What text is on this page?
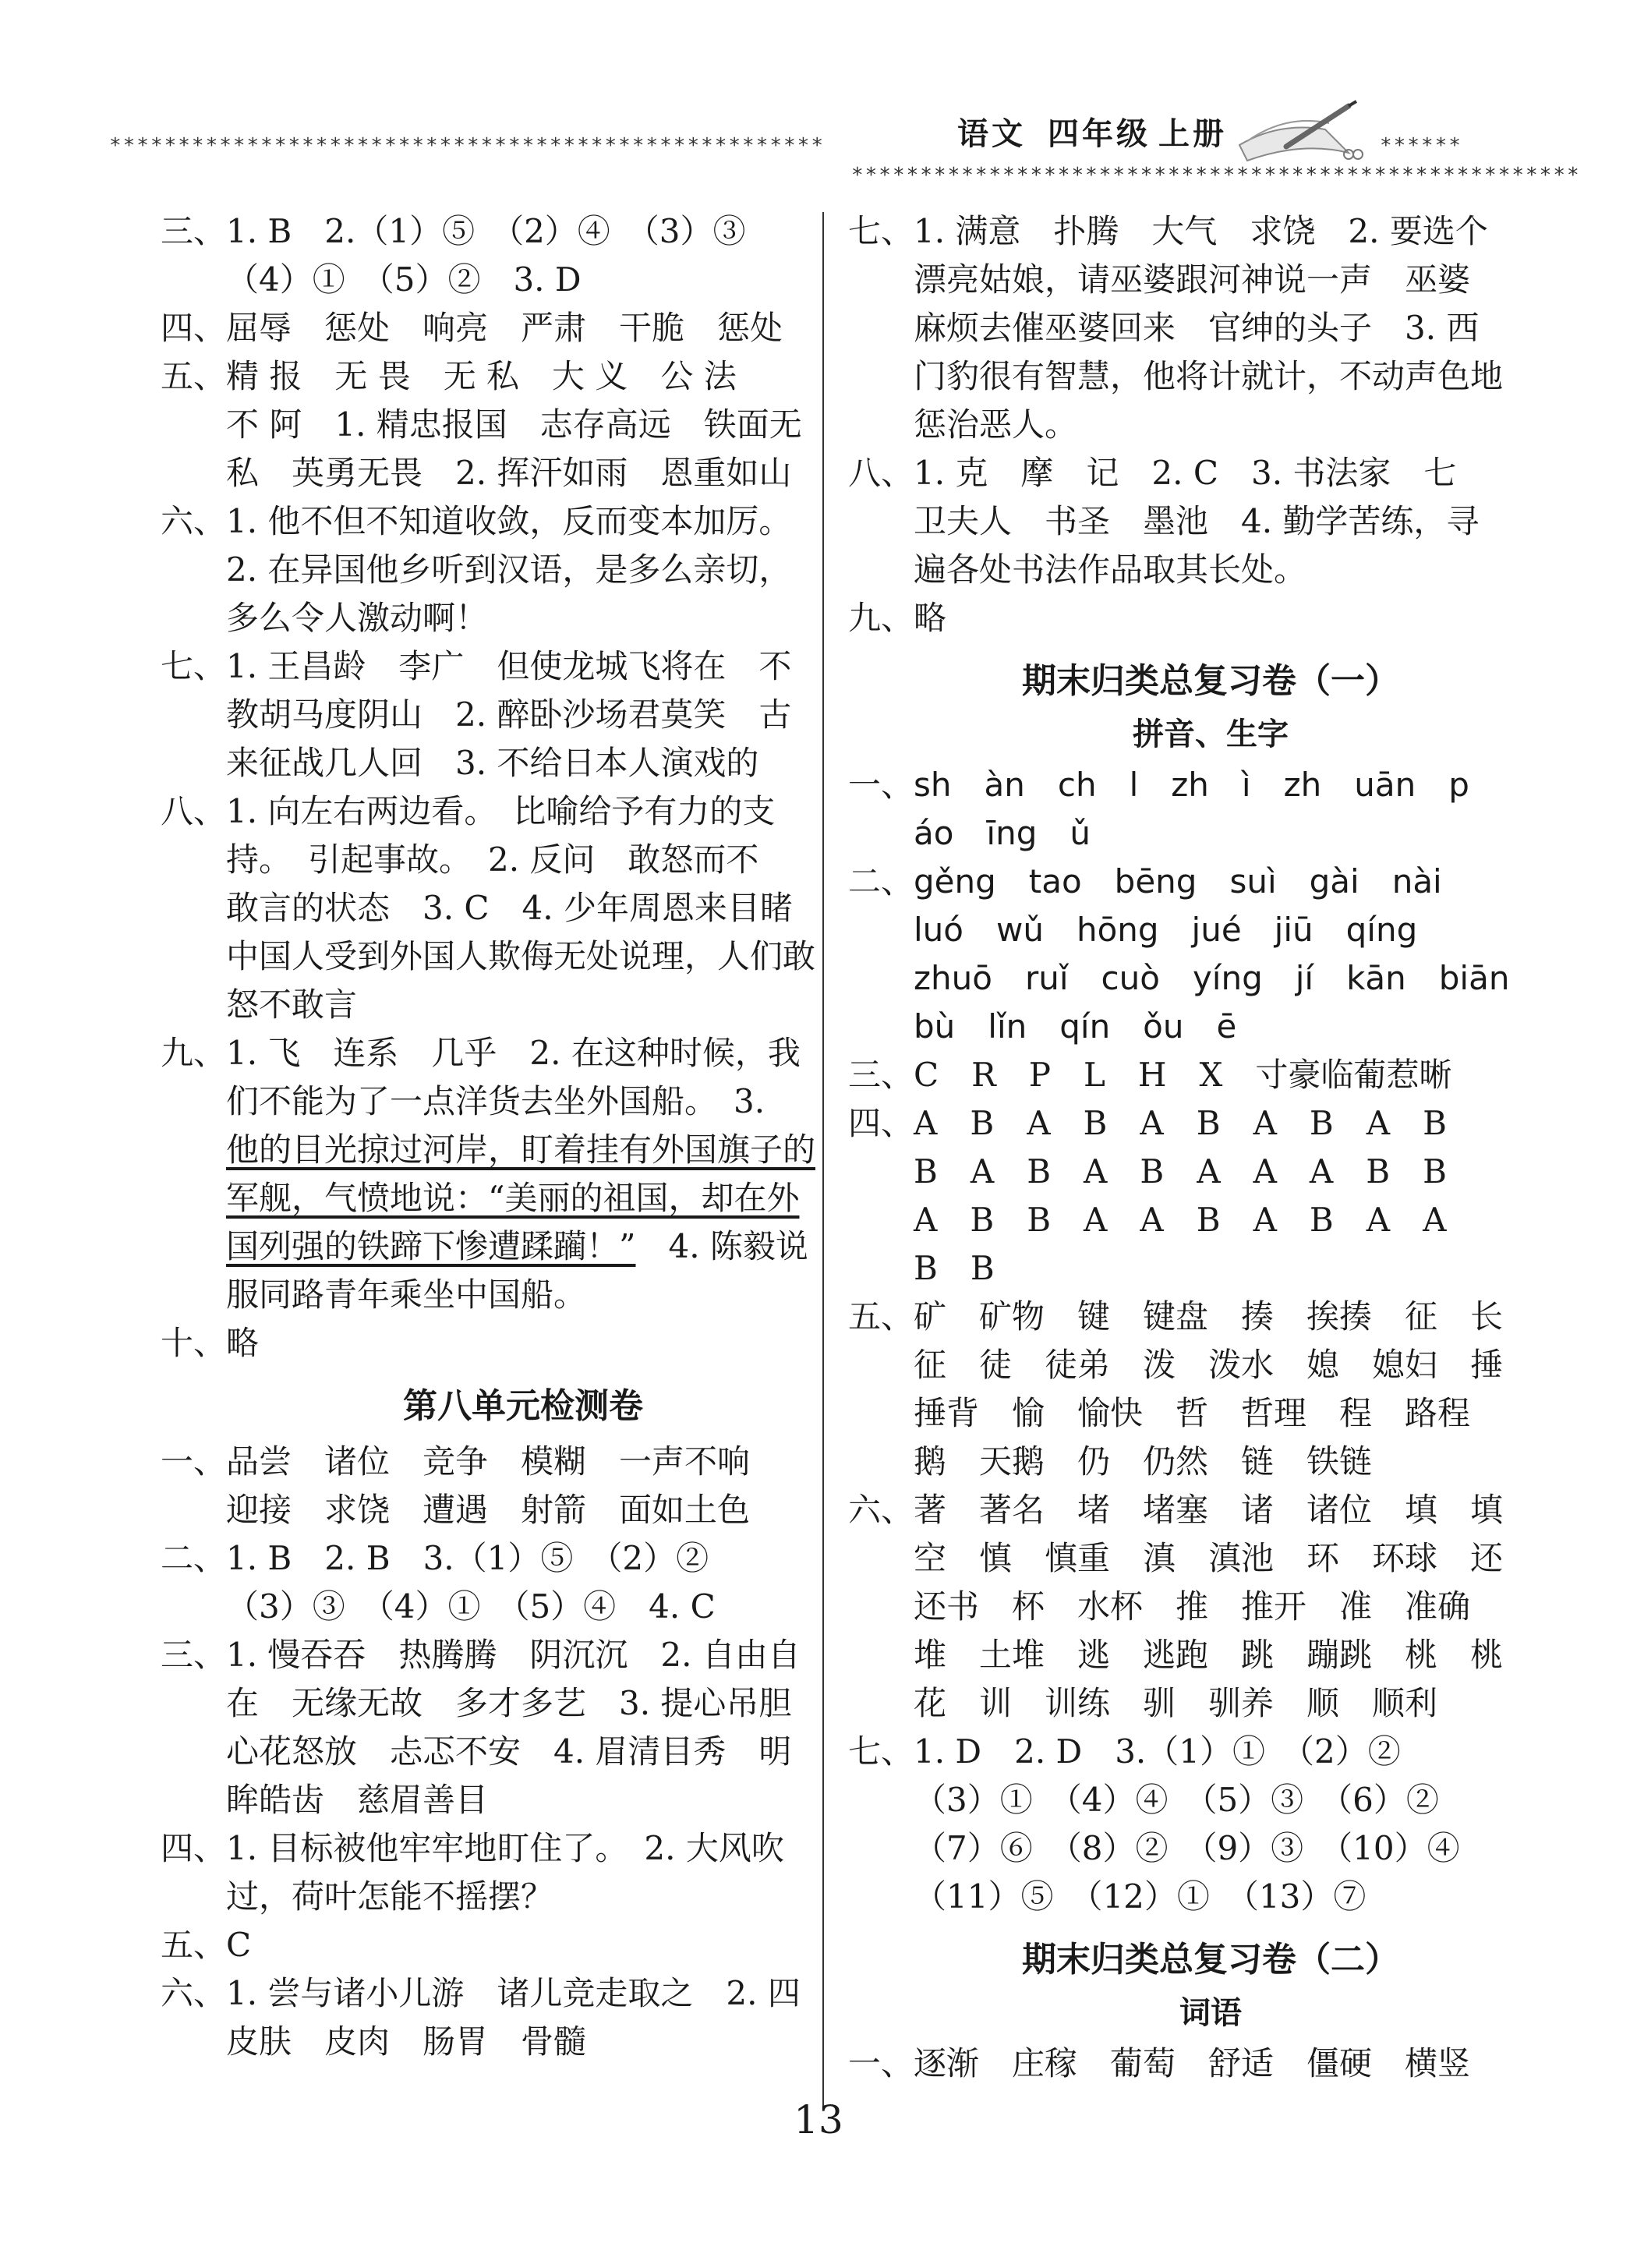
****************************************************	语文 四年级 上册	******
*****************************************************
三、1. B　2.（1）⑤　（2）④　（3）③
（4）①　（5）②　3. D
四、屈辱　惩处　响亮　严肃　干脆　惩处
五、精 报　无 畏　无 私　大 义　公 法
不 阿　1. 精忠报国　志存高远　铁面无
私　英勇无畏　2. 挥汗如雨　恩重如山
六、1. 他不但不知道收敛，反而变本加厉。
2. 在异国他乡听到汉语，是多么亲切，
多么令人激动啊！
七、1. 王昌龄　李广　但使龙城飞将在　不
教胡马度阴山　2. 醉卧沙场君莫笑　古
来征战几人回　3. 不给日本人演戏的
八、1. 向左右两边看。　比喻给予有力的支
持。　引起事故。　2. 反问　敢怒而不
敢言的状态　3. C　4. 少年周恩来目睹
中国人受到外国人欺侮无处说理，人们敢
怒不敢言
九、1. 飞　连系　几乎　2. 在这种时候，我
们不能为了一点洋货去坐外国船。　3.
他的目光掠过河岸，盯着挂有外国旗子的
军舰，气愤地说：“美丽的祖国，却在外
国列强的铁蹄下惨遭蹂躏！”　4. 陈毅说
服同路青年乘坐中国船。
十、略
第八单元检测卷
一、品尝　诸位　竞争　模糊　一声不响
迎接　求饶　遭遇　射箭　面如土色
二、1. B　2. B　3.（1）⑤　（2）②
（3）③　（4）①　（5）④　4. C
三、1. 慢吞吞　热腾腾　阴沉沉　2. 自由自
在　无缘无故　多才多艺　3. 提心吊胆
心花怒放　忐忑不安　4. 眉清目秀　明
眸皓齿　慈眉善目
四、1. 目标被他牢牢地盯住了。　2. 大风吹
过，荷叶怎能不摇摆？
五、C
六、1. 尝与诸小儿游　诸儿竞走取之　2. 四
皮肤　皮肉　肠胃　骨髓
七、1. 满意　扑腾　大气　求饶　2. 要选个
漂亮姑娘，请巫婆跟河神说一声　巫婆
麻烦去催巫婆回来　官绅的头子　3. 西
门豹很有智慧，他将计就计，不动声色地
惩治恶人。
八、1. 克　摩　记　2. C　3. 书法家　七
卫夫人　书圣　墨池　4. 勤学苦练，寻
遍各处书法作品取其长处。
九、略
期末归类总复习卷（一）
拼音、生字
一、sh　àn　ch　l　zh　ì　zh　uān　p
áo　īng　ǔ
二、gěng　tao　bēng　suì　gài　nài
luó　wǔ　hōng　jué　jiū　qíng
zhuō　ruǐ　cuò　yíng　jí　kān　biān
bù　lǐn　qín　ǒu　ē
三、C　R　P　L　H　X　寸豪临葡惹晰
四、A　B　A　B　A　B　A　B　A　B
B　A　B　A　B　A　A　A　B　B
A　B　B　A　A　B　A　B　A　A
B　B
五、矿　矿物　键　键盘　揍　挨揍　征　长
征　徒　徒弟　泼　泼水　媳　媳妇　捶
捶背　愉　愉快　哲　哲理　程　路程
鹅　天鹅　仍　仍然　链　铁链
六、著　著名　堵　堵塞　诸　诸位　填　填
空　慎　慎重　滇　滇池　环　环球　还
还书　杯　水杯　推　推开　准　准确
堆　土堆　逃　逃跑　跳　蹦跳　桃　桃
花　训　训练　驯　驯养　顺　顺利
七、1. D　2. D　3.（1）①　（2）②
（3）①　（4）④　（5）③　（6）②
（7）⑥　（8）②　（9）③　（10）④
（11）⑤　（12）①　（13）⑦
期末归类总复习卷（二）
词语
一、逐渐　庄稼　葡萄　舒适　僵硬　横竖
13
